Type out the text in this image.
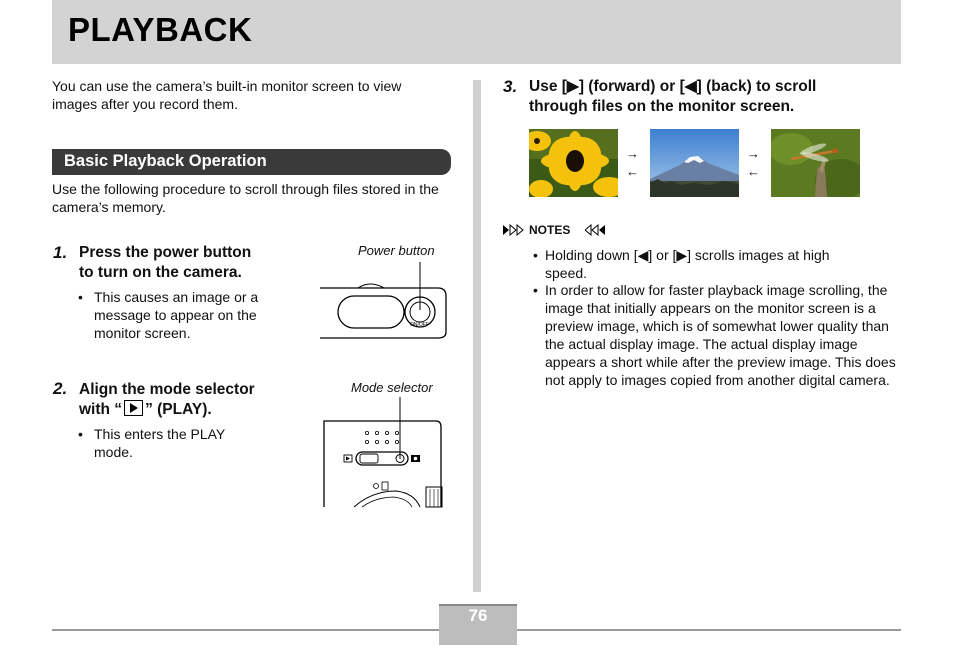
PLAYBACK
You can use the camera’s built-in monitor screen to view images after you record them.
Basic Playback Operation
Use the following procedure to scroll through files stored in the camera’s memory.
1. Press the power button
to turn on the camera.
• This causes an image or a message to appear on the monitor screen.
Power button
ON/OFF
2. Align the mode selector
with “ ” (PLAY).
• This enters the PLAY mode.
Mode selector
3. Use [▶] (forward) or [◀] (back) to scroll
through files on the monitor screen.
→
←
→
←
NOTES
• Holding down [◀] or [▶] scrolls images at high speed.
• In order to allow for faster playback image scrolling, the image that initially appears on the monitor screen is a preview image, which is of somewhat lower quality than the actual display image. The actual display image appears a short while after the preview image. This does not apply to images copied from another digital camera.
76
